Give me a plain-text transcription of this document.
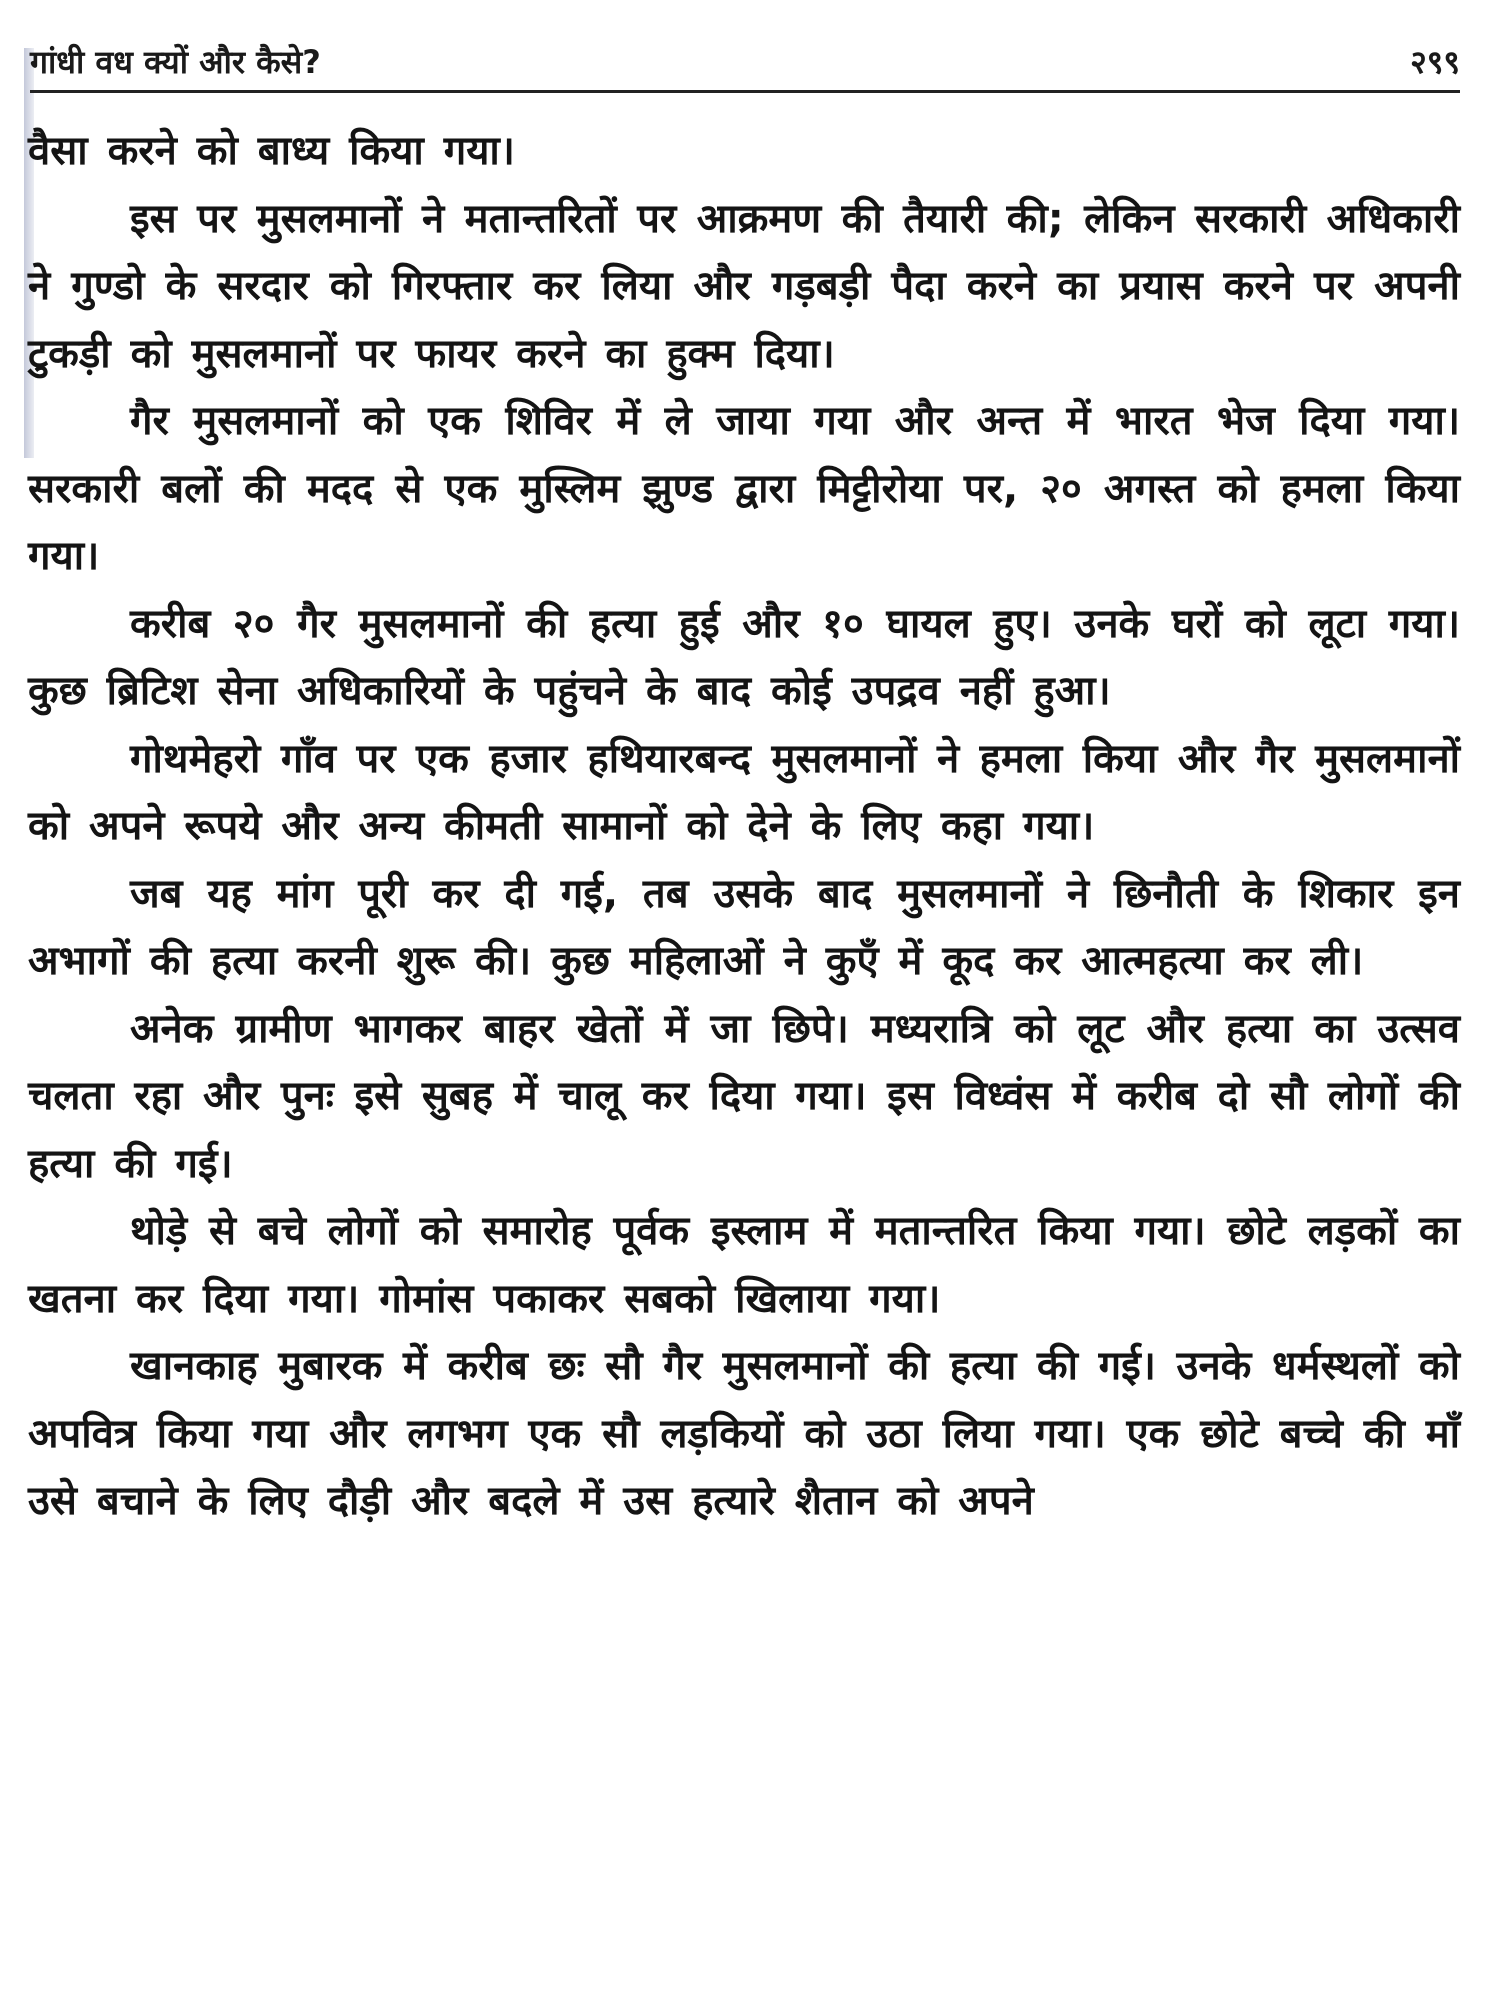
गांधी वध क्यों और कैसे?	२९९

वैसा करने को बाध्य किया गया।

इस पर मुसलमानों ने मतान्तरितों पर आक्रमण की तैयारी की; लेकिन सरकारी अधिकारी ने गुण्डो के सरदार को गिरफ्तार कर लिया और गड़बड़ी पैदा करने का प्रयास करने पर अपनी टुकड़ी को मुसलमानों पर फायर करने का हुक्म दिया।

गैर मुसलमानों को एक शिविर में ले जाया गया और अन्त में भारत भेज दिया गया। सरकारी बलों की मदद से एक मुस्लिम झुण्ड द्वारा मिट्टीरोया पर, २० अगस्त को हमला किया गया।

करीब २० गैर मुसलमानों की हत्या हुई और १० घायल हुए। उनके घरों को लूटा गया। कुछ ब्रिटिश सेना अधिकारियों के पहुंचने के बाद कोई उपद्रव नहीं हुआ।

गोथमेहरो गाँव पर एक हजार हथियारबन्द मुसलमानों ने हमला किया और गैर मुसलमानों को अपने रूपये और अन्य कीमती सामानों को देने के लिए कहा गया।

जब यह मांग पूरी कर दी गई, तब उसके बाद मुसलमानों ने छिनौती के शिकार इन अभागों की हत्या करनी शुरू की। कुछ महिलाओं ने कुएँ में कूद कर आत्महत्या कर ली।

अनेक ग्रामीण भागकर बाहर खेतों में जा छिपे। मध्यरात्रि को लूट और हत्या का उत्सव चलता रहा और पुनः इसे सुबह में चालू कर दिया गया। इस विध्वंस में करीब दो सौ लोगों की हत्या की गई।

थोड़े से बचे लोगों को समारोह पूर्वक इस्लाम में मतान्तरित किया गया। छोटे लड़कों का खतना कर दिया गया। गोमांस पकाकर सबको खिलाया गया।

खानकाह मुबारक में करीब छः सौ गैर मुसलमानों की हत्या की गई। उनके धर्मस्थलों को अपवित्र किया गया और लगभग एक सौ लड़कियों को उठा लिया गया। एक छोटे बच्चे की माँ उसे बचाने के लिए दौड़ी और बदले में उस हत्यारे शैतान को अपने
